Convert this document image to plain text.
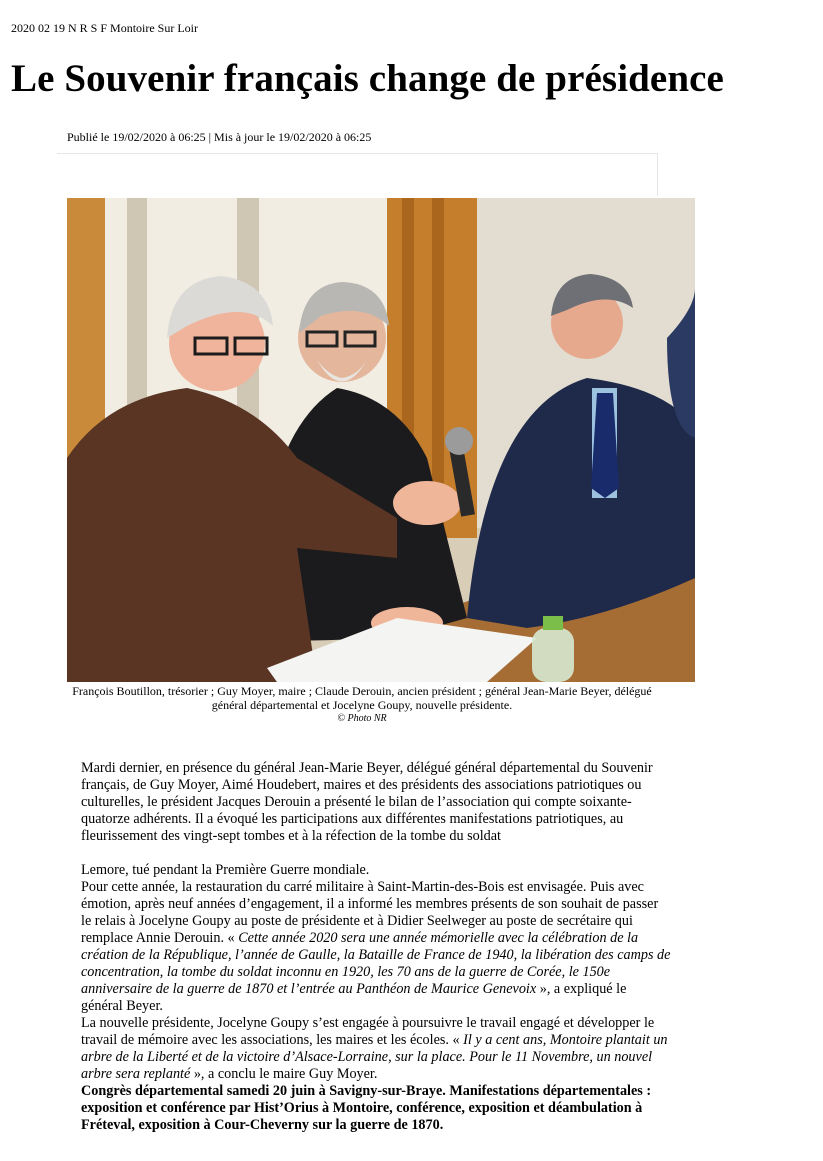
2020 02 19 N R S F Montoire Sur Loir
Le Souvenir français change de présidence
Publié le 19/02/2020 à 06:25 | Mis à jour le 19/02/2020 à 06:25
François Boutillon, trésorier ; Guy Moyer, maire ; Claude Derouin, ancien président ; général Jean-Marie Beyer, délégué général départemental et Jocelyne Goupy, nouvelle présidente.
© Photo NR

Mardi dernier, en présence du général Jean-Marie Beyer, délégué général départemental du Souvenir français, de Guy Moyer, Aimé Houdebert, maires et des présidents des associations patriotiques ou culturelles, le président Jacques Derouin a présenté le bilan de l’association qui compte soixante-quatorze adhérents. Il a évoqué les participations aux différentes manifestations patriotiques, au fleurissement des vingt-sept tombes et à la réfection de la tombe du soldat

Lemore, tué pendant la Première Guerre mondiale.

Pour cette année, la restauration du carré militaire à Saint-Martin-des-Bois est envisagée. Puis avec émotion, après neuf années d’engagement, il a informé les membres présents de son souhait de passer le relais à Jocelyne Goupy au poste de présidente et à Didier Seelweger au poste de secrétaire qui remplace Annie Derouin. « Cette année 2020 sera une année mémorielle avec la célébration de la création de la République, l’année de Gaulle, la Bataille de France de 1940, la libération des camps de concentration, la tombe du soldat inconnu en 1920, les 70 ans de la guerre de Corée, le 150e anniversaire de la guerre de 1870 et l’entrée au Panthéon de Maurice Genevoix », a expliqué le général Beyer.

La nouvelle présidente, Jocelyne Goupy s’est engagée à poursuivre le travail engagé et développer le travail de mémoire avec les associations, les maires et les écoles. « Il y a cent ans, Montoire plantait un arbre de la Liberté et de la victoire d’Alsace-Lorraine, sur la place. Pour le 11 Novembre, un nouvel arbre sera replanté », a conclu le maire Guy Moyer.

Congrès départemental samedi 20 juin à Savigny-sur-Braye. Manifestations départementales : exposition et conférence par Hist’Orius à Montoire, conférence, exposition et déambulation à Fréteval, exposition à Cour-Cheverny sur la guerre de 1870.
